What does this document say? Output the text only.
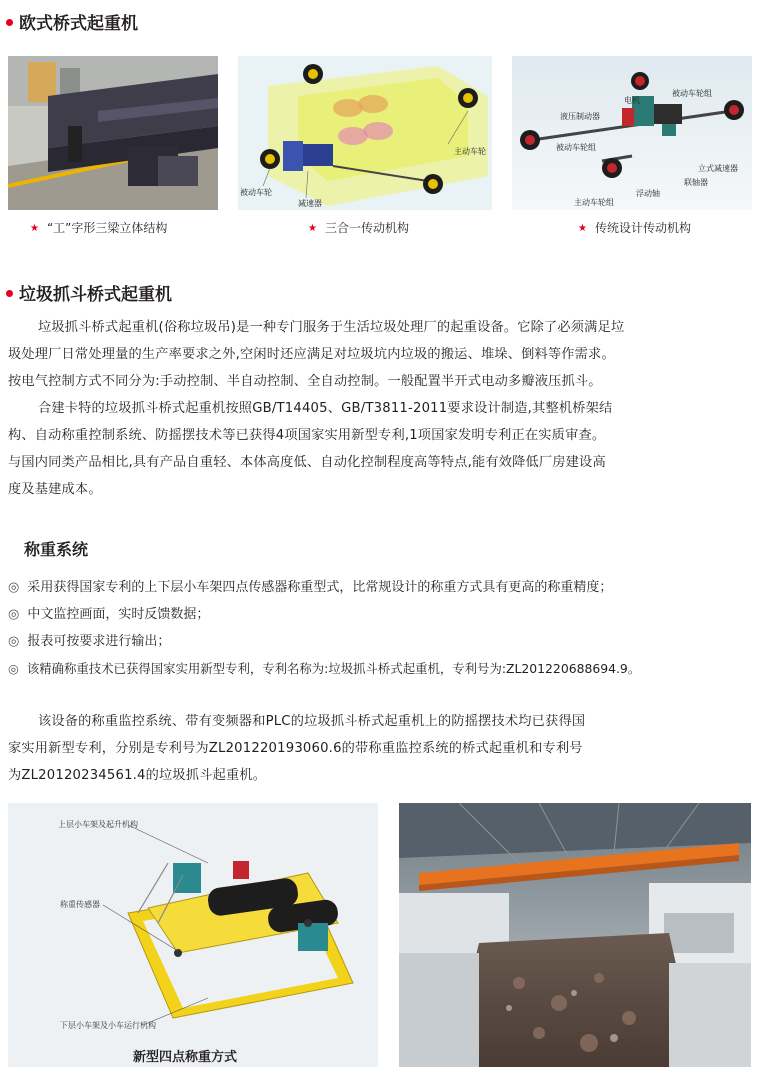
欧式桥式起重机
主动车轮
被动车轮
减速器
被动车轮组
液压制动器
电机
被动车轮组
立式减速器
联轴器
浮动轴
主动车轮组
★ “工”字形三梁立体结构	★ 三合一传动机构	★ 传统设计传动机构
垃圾抓斗桥式起重机
垃圾抓斗桥式起重机(俗称垃圾吊)是一种专门服务于生活垃圾处理厂的起重设备。它除了必须满足垃
圾处理厂日常处理量的生产率要求之外,空闲时还应满足对垃圾坑内垃圾的搬运、堆垛、倒料等作需求。
按电气控制方式不同分为:手动控制、半自动控制、全自动控制。一般配置半开式电动多瓣液压抓斗。
合建卡特的垃圾抓斗桥式起重机按照GB/T14405、GB/T3811-2011要求设计制造,其整机桥架结
构、自动称重控制系统、防摇摆技术等已获得4项国家实用新型专利,1项国家发明专利正在实质审查。
与国内同类产品相比,具有产品自重轻、本体高度低、自动化控制程度高等特点,能有效降低厂房建设高
度及基建成本。
称重系统
◎ 采用获得国家专利的上下层小车架四点传感器称重型式，比常规设计的称重方式具有更高的称重精度；
◎ 中文监控画面，实时反馈数据；
◎ 报表可按要求进行输出；
◎ 该精确称重技术已获得国家实用新型专利，专利名称为:垃圾抓斗桥式起重机，专利号为:ZL201220688694.9。
该设备的称重监控系统、带有变频器和PLC的垃圾抓斗桥式起重机上的防摇摆技术均已获得国
家实用新型专利，分别是专利号为ZL201220193060.6的带称重监控系统的桥式起重机和专利号
为ZL20120234561.4的垃圾抓斗起重机。
上层小车架及起升机构
称重传感器
下层小车架及小车运行机构
新型四点称重方式
